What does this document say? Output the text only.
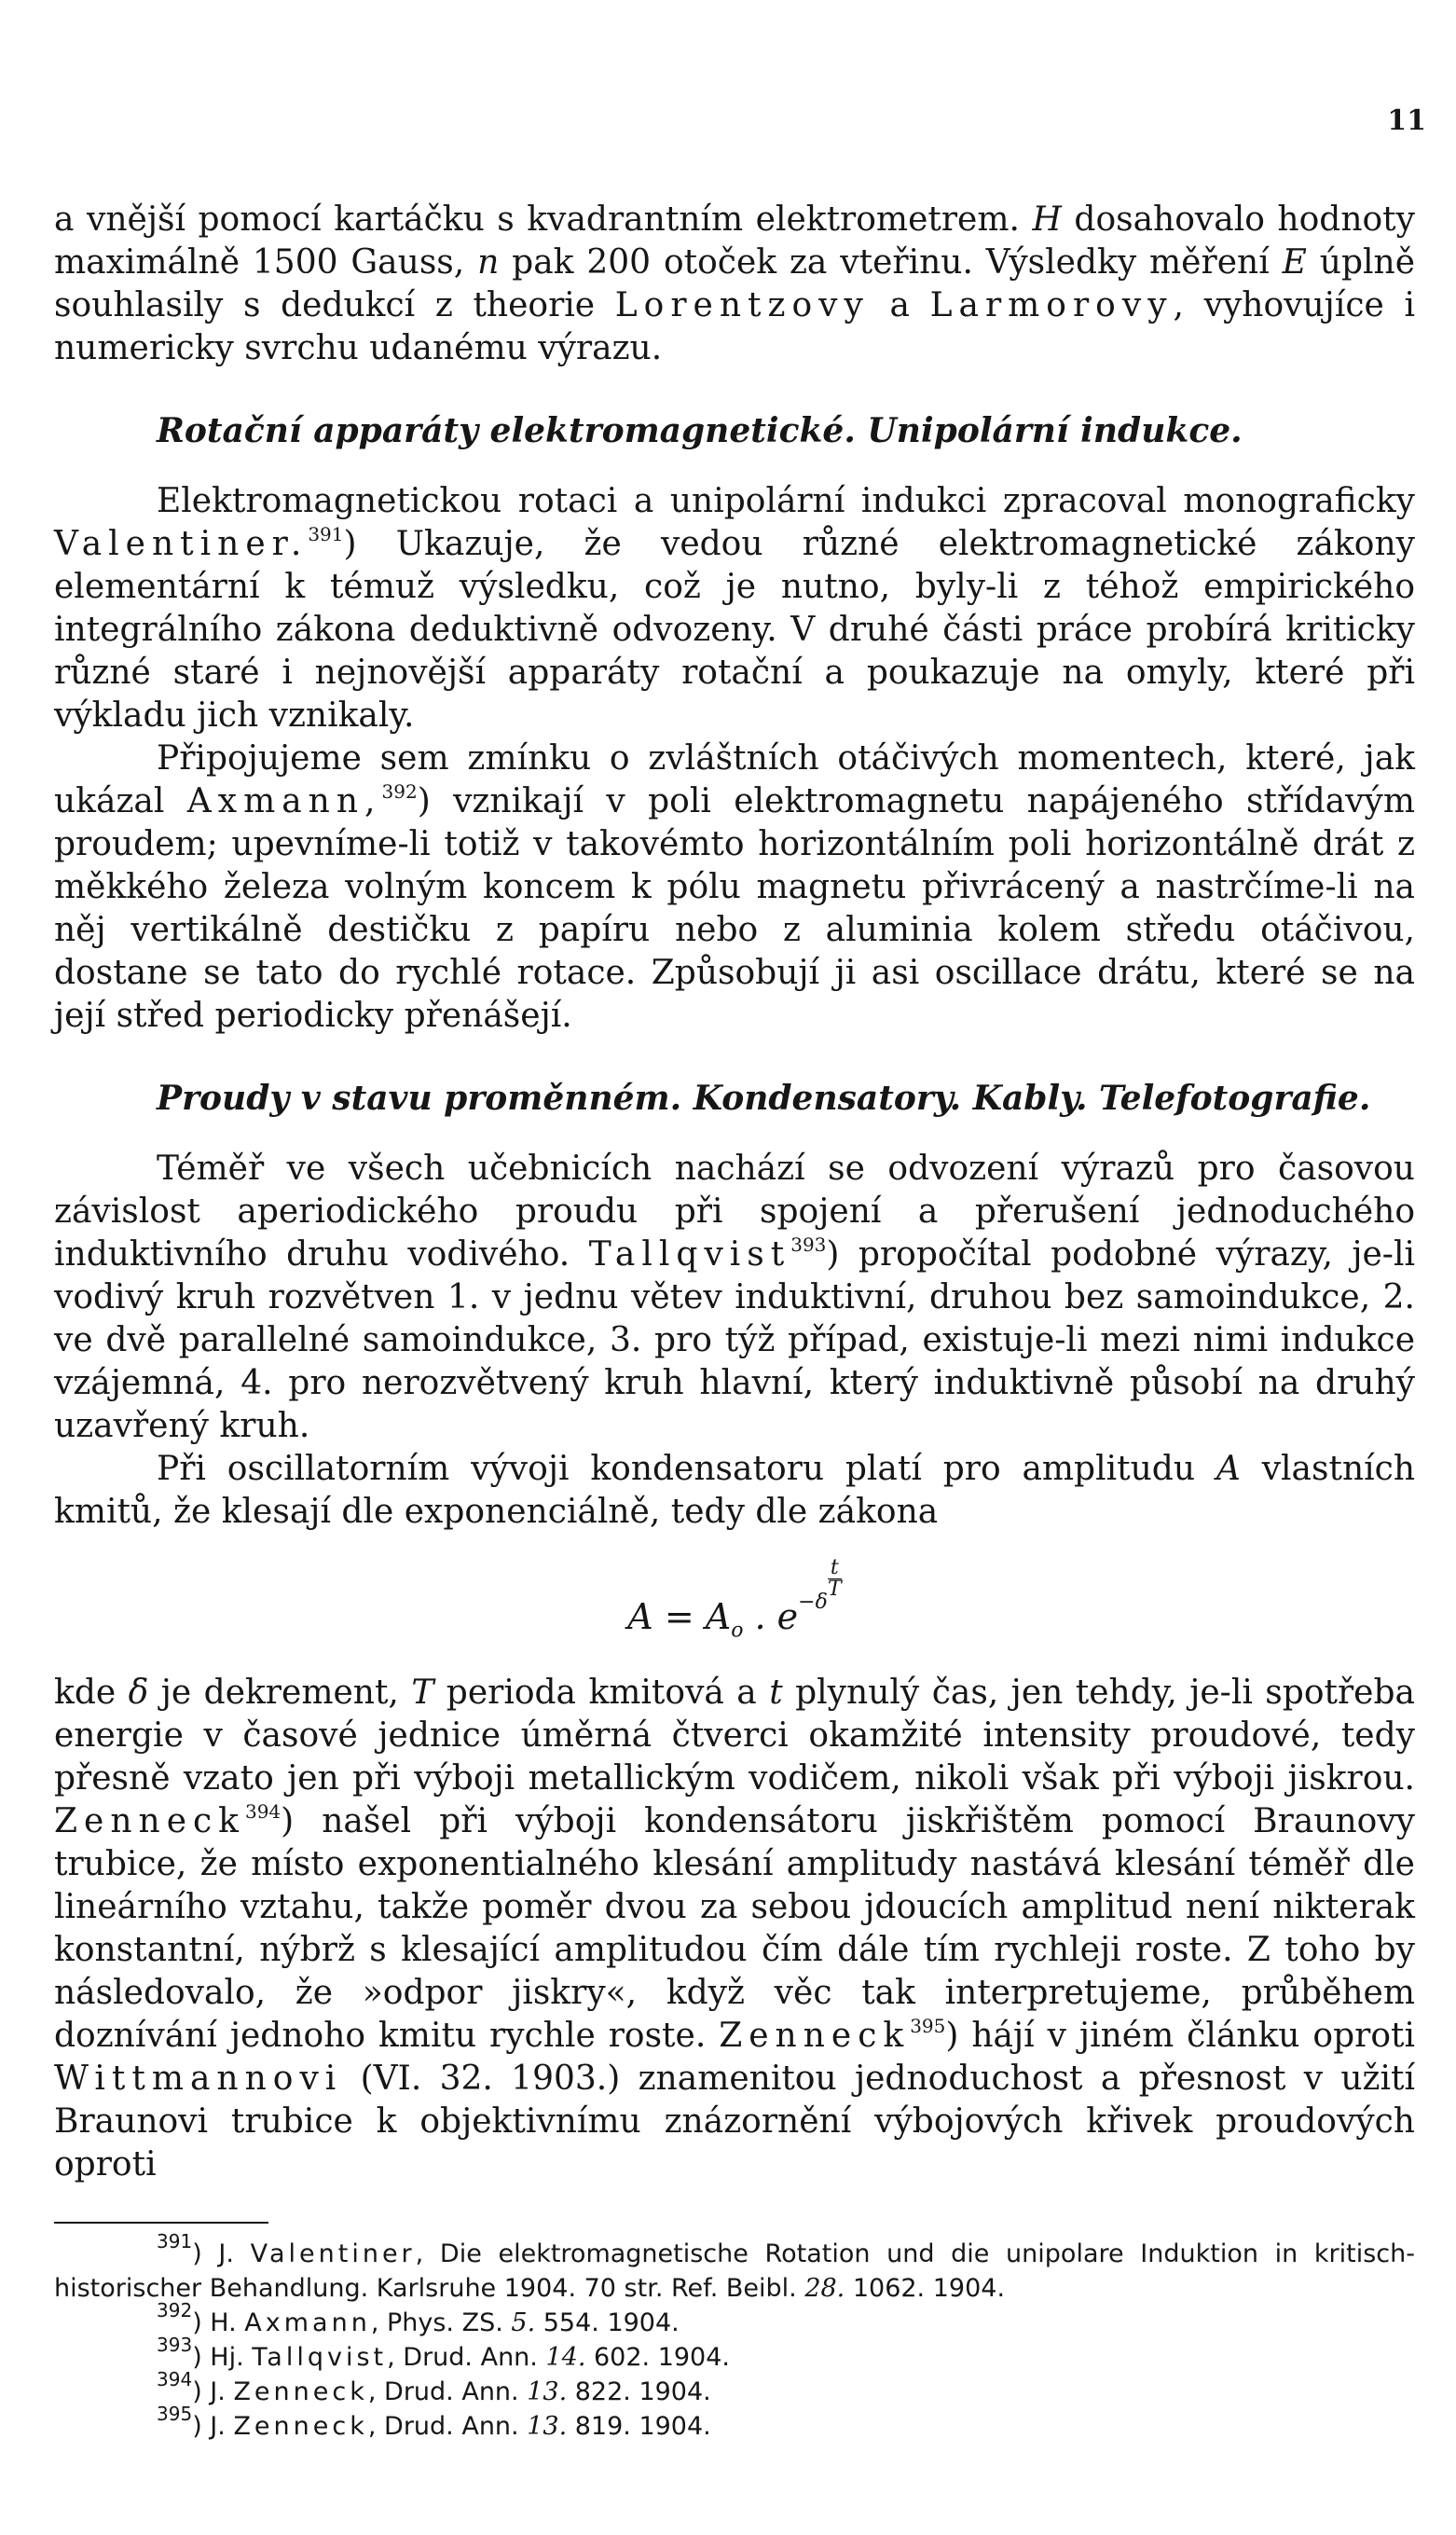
11

a vnější pomocí kartáčku s kvadrantním elektrometrem. H dosahovalo hodnoty maximálně 1500 Gauss, n pak 200 otoček za vteřinu. Výsledky měření E úplně souhlasily s dedukcí z theorie Lorentzovy a Larmorovy, vyhovujíce i numericky svrchu udanému výrazu.

Rotační apparáty elektromagnetické. Unipolární indukce.

Elektromagnetickou rotaci a unipolární indukci zpracoval monograficky Valentiner.$^{391}$) Ukazuje, že vedou různé elektromagnetické zákony elementární k témuž výsledku, což je nutno, byly-li z téhož empirického integrálního zákona deduktivně odvozeny. V druhé části práce probírá kriticky různé staré i nejnovější apparáty rotační a poukazuje na omyly, které při výkladu jich vznikaly.

Připojujeme sem zmínku o zvláštních otáčivých momentech, které, jak ukázal Axmann,$^{392}$) vznikají v poli elektromagnetu napájeného střídavým proudem; upevníme-li totiž v takovémto horizontálním poli horizontálně drát z měkkého železa volným koncem k pólu magnetu přivrácený a nastrčíme-li na něj vertikálně destičku z papíru nebo z aluminia kolem středu otáčivou, dostane se tato do rychlé rotace. Způsobují ji asi oscillace drátu, které se na její střed periodicky přenášejí.

Proudy v stavu proměnném. Kondensatory. Kably. Telefotografie.

Téměř ve všech učebnicích nachází se odvození výrazů pro časovou závislost aperiodického proudu při spojení a přerušení jednoduchého induktivního druhu vodivého. Tallqvist$^{393}$) propočítal podobné výrazy, je-li vodivý kruh rozvětven 1. v jednu větev induktivní, druhou bez samoindukce, 2. ve dvě parallelné samoindukce, 3. pro týž případ, existuje-li mezi nimi indukce vzájemná, 4. pro nerozvětvený kruh hlavní, který induktivně působí na druhý uzavřený kruh.

Při oscillatorním vývoji kondensatoru platí pro amplitudu A vlastních kmitů, že klesají dle exponenciálně, tedy dle zákona

$A = A_o$ . $e^{-\delta \frac{t}{T}}$

kde δ je dekrement, T perioda kmitová a t plynulý čas, jen tehdy, je-li spotřeba energie v časové jednice úměrná čtverci okamžité intensity proudové, tedy přesně vzato jen při výboji metallickým vodičem, nikoli však při výboji jiskrou. Zenneck$^{394}$) našel při výboji kondensátoru jiskřištěm pomocí Braunovy trubice, že místo exponentialného klesání amplitudy nastává klesání téměř dle lineárního vztahu, takže poměr dvou za sebou jdoucích amplitud není nikterak konstantní, nýbrž s klesající amplitudou čím dále tím rychleji roste. Z toho by následovalo, že »odpor jiskry«, když věc tak interpretujeme, průběhem doznívání jednoho kmitu rychle roste. Zenneck$^{395}$) hájí v jiném článku oproti Wittmannovi (VI. 32. 1903.) znamenitou jednoduchost a přesnost v užití Braunovi trubice k objektivnímu znázornění výbojových křivek proudových oproti

$^{391}$) J. Valentiner, Die elektromagnetische Rotation und die unipolare Induktion in kritisch-historischer Behandlung. Karlsruhe 1904. 70 str. Ref. Beibl. 28. 1062. 1904.

$^{392}$) H. Axmann, Phys. ZS. 5. 554. 1904.

$^{393}$) Hj. Tallqvist, Drud. Ann. 14. 602. 1904.

$^{394}$) J. Zenneck, Drud. Ann. 13. 822. 1904.

$^{395}$) J. Zenneck, Drud. Ann. 13. 819. 1904.
